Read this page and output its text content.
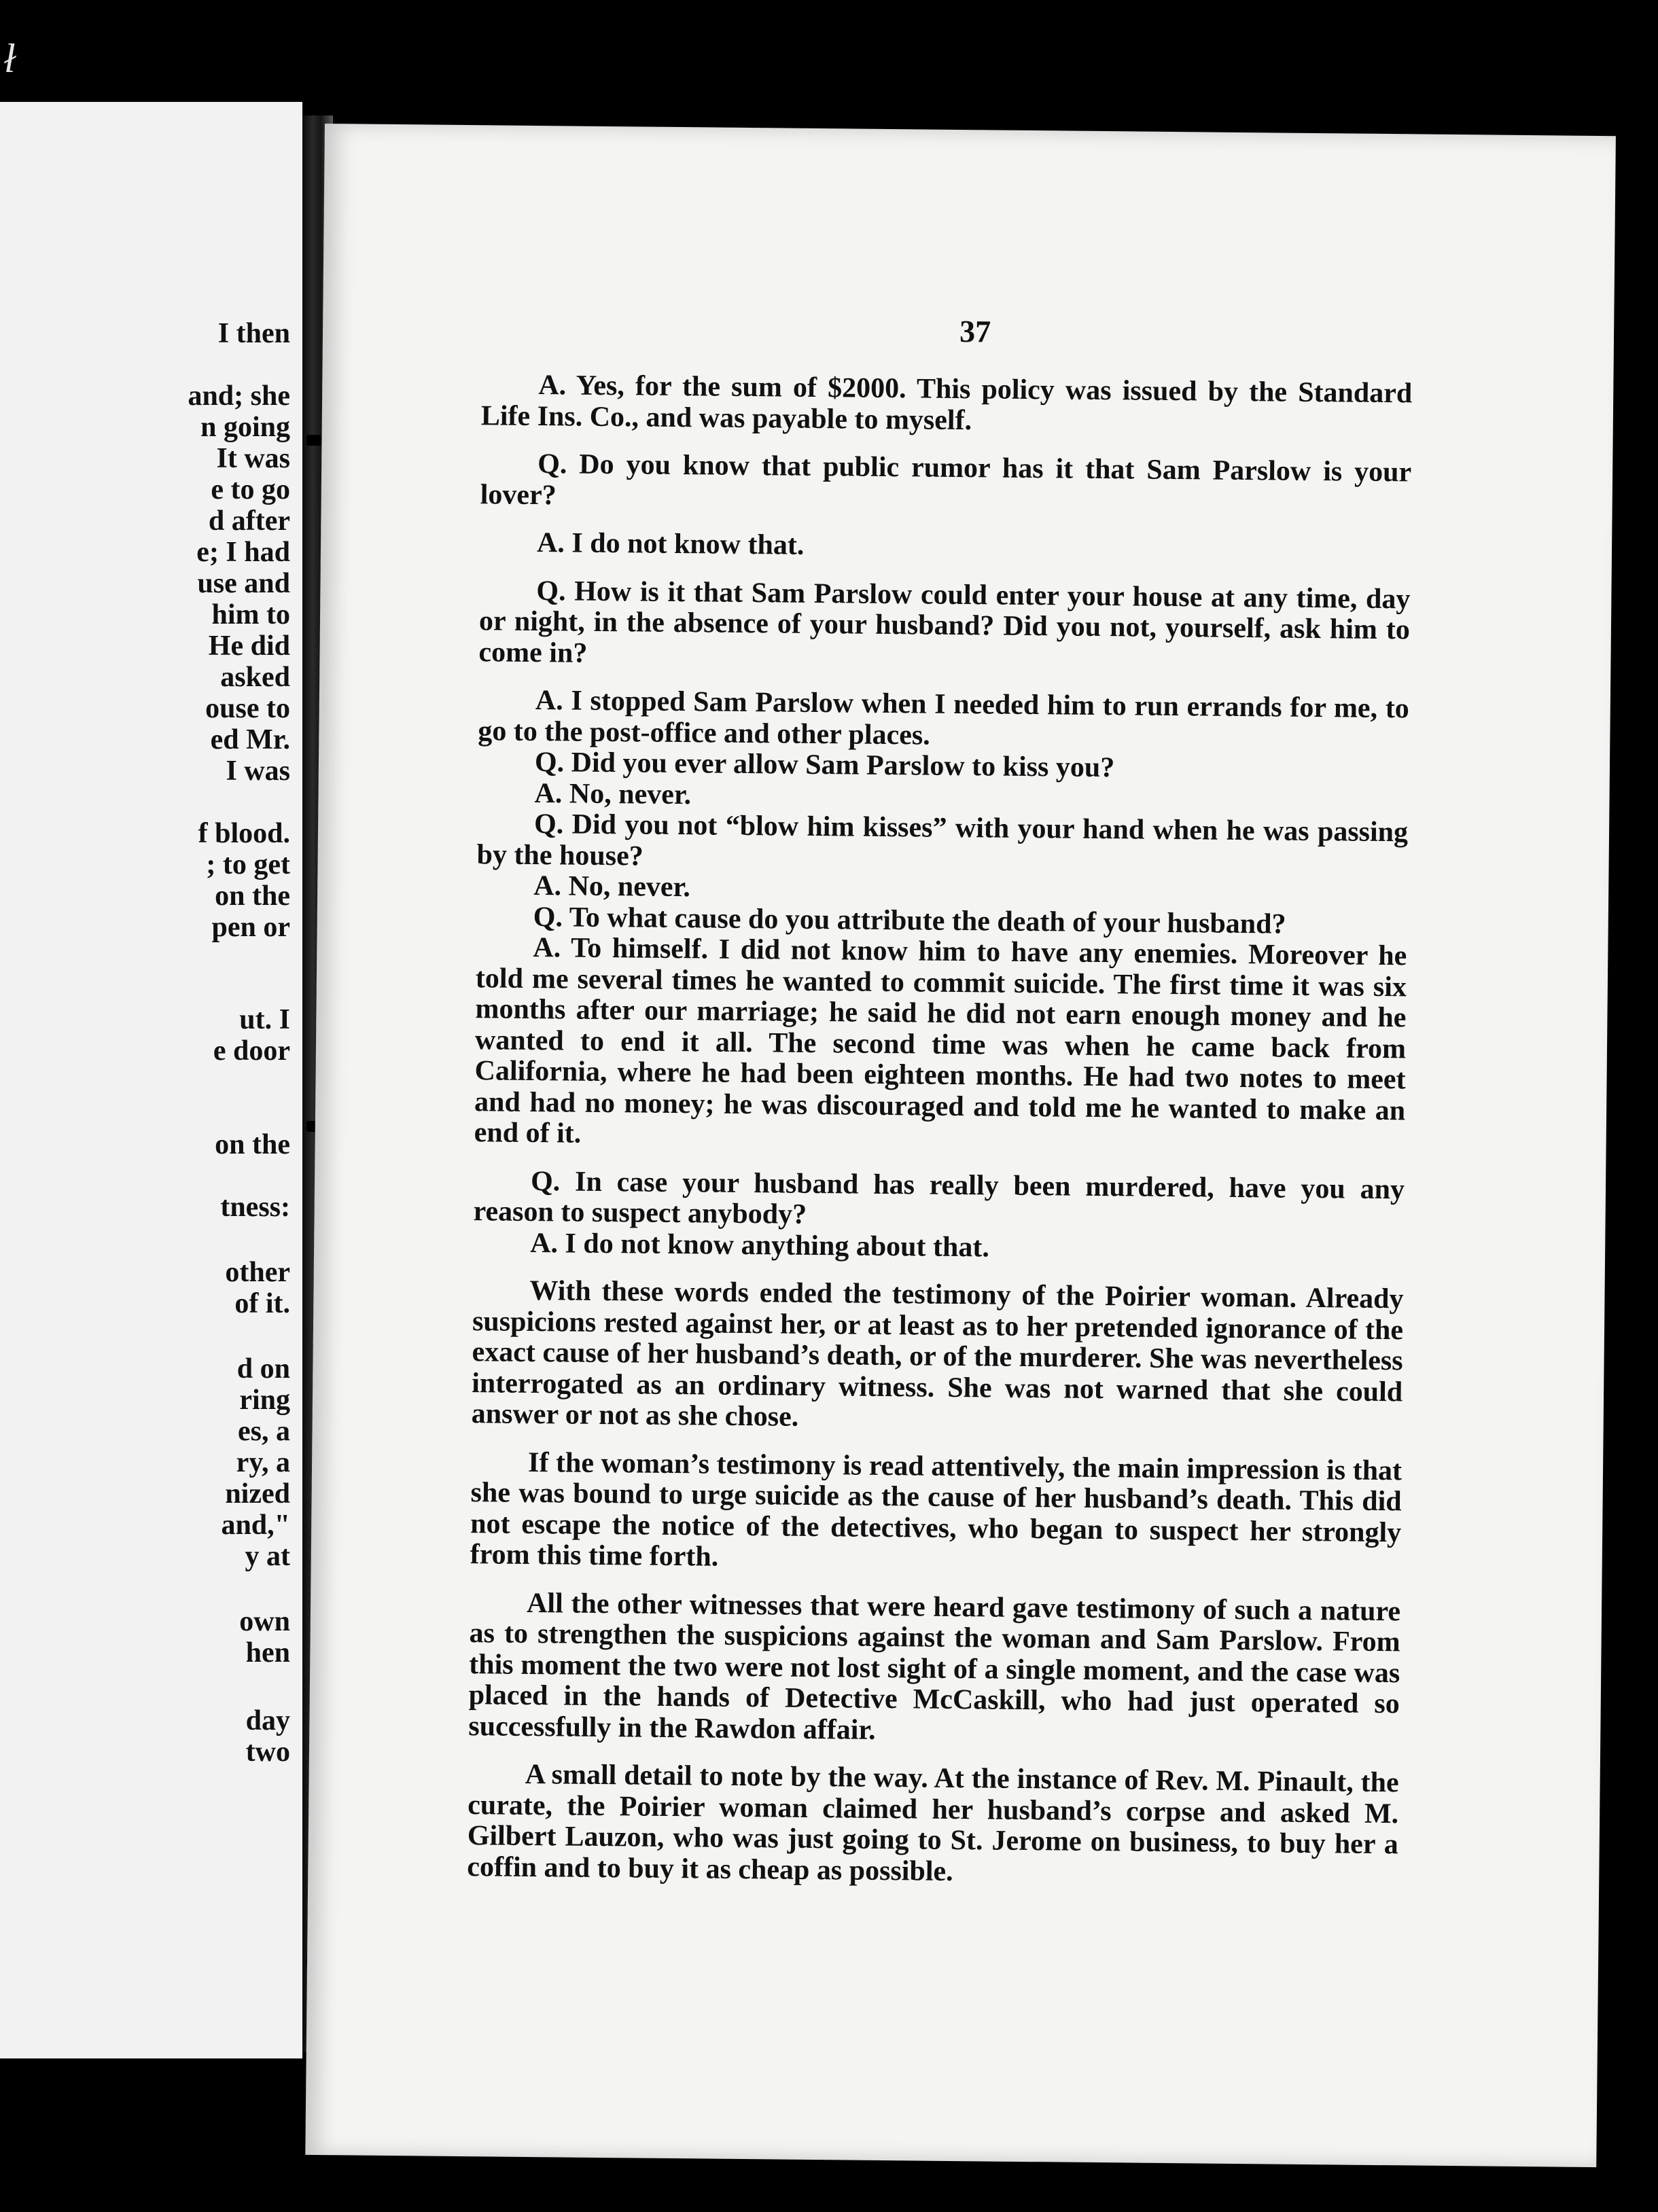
ł
I then
and; she
n going
It was
e to go
d after
e; I had
use and
him to
He did
asked
ouse to
ed Mr.
I was
f blood.
; to get
on the
pen or
ut. I
e door
on the
tness:
other
of it.
d on
ring
es, a
ry, a
nized
and,"
y at
own
hen
day
two
37

A. Yes, for the sum of $2000. This policy was issued by the Standard Life Ins. Co., and was payable to myself.

Q. Do you know that public rumor has it that Sam Parslow is your lover?

A. I do not know that.

Q. How is it that Sam Parslow could enter your house at any time, day or night, in the absence of your husband? Did you not, yourself, ask him to come in?

A. I stopped Sam Parslow when I needed him to run errands for me, to go to the post-office and other places.

Q. Did you ever allow Sam Parslow to kiss you?

A. No, never.

Q. Did you not “blow him kisses” with your hand when he was passing by the house?

A. No, never.

Q. To what cause do you attribute the death of your husband?

A. To himself. I did not know him to have any enemies. Moreover he told me several times he wanted to commit suicide. The first time it was six months after our marriage; he said he did not earn enough money and he wanted to end it all. The second time was when he came back from California, where he had been eighteen months. He had two notes to meet and had no money; he was discouraged and told me he wanted to make an end of it.

Q. In case your husband has really been murdered, have you any reason to suspect anybody?

A. I do not know anything about that.

With these words ended the testimony of the Poirier woman. Already suspicions rested against her, or at least as to her pretended ignorance of the exact cause of her husband’s death, or of the murderer. She was nevertheless interrogated as an ordinary witness. She was not warned that she could answer or not as she chose.

If the woman’s testimony is read attentively, the main impression is that she was bound to urge suicide as the cause of her husband’s death. This did not escape the notice of the detectives, who began to suspect her strongly from this time forth.

All the other witnesses that were heard gave testimony of such a nature as to strengthen the suspicions against the woman and Sam Parslow. From this moment the two were not lost sight of a single moment, and the case was placed in the hands of Detective McCaskill, who had just operated so successfully in the Rawdon affair.

A small detail to note by the way. At the instance of Rev. M. Pinault, the curate, the Poirier woman claimed her husband’s corpse and asked M. Gilbert Lauzon, who was just going to St. Jerome on business, to buy her a coffin and to buy it as cheap as possible.
